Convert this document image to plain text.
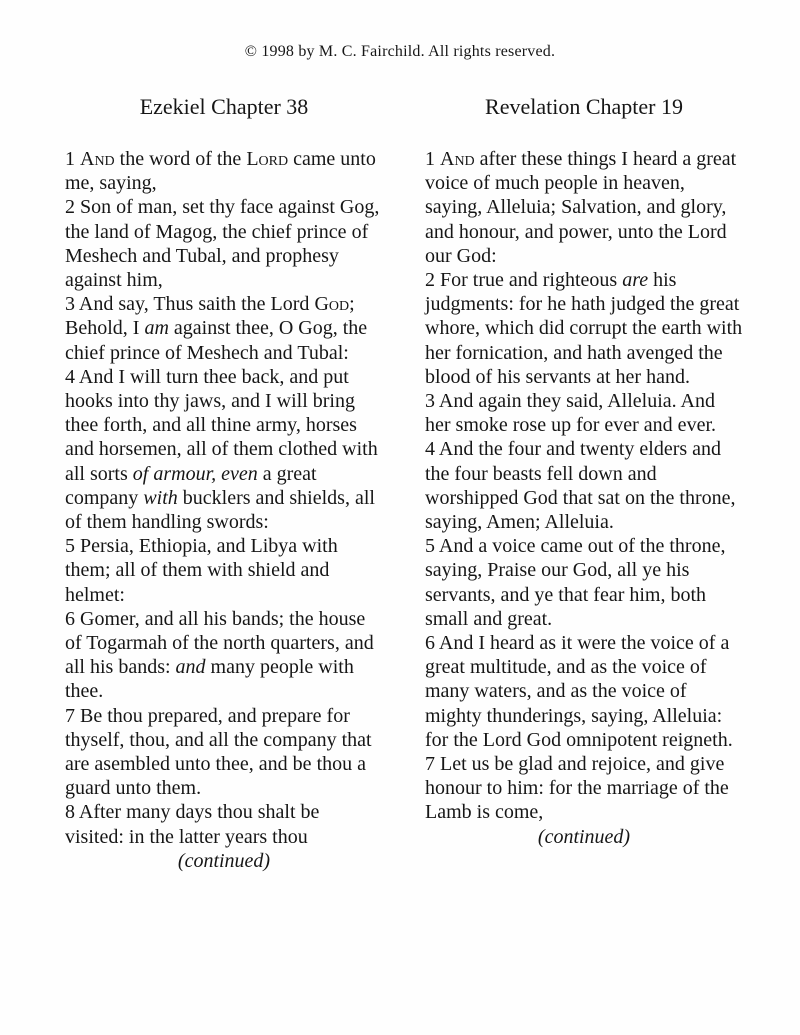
© 1998 by M. C. Fairchild. All rights reserved.
Ezekiel Chapter 38

1 And the word of the Lord came unto me, saying,

2 Son of man, set thy face against Gog, the land of Magog, the chief prince of Meshech and Tubal, and prophesy against him,

3 And say, Thus saith the Lord God; Behold, I am against thee, O Gog, the chief prince of Meshech and Tubal:

4 And I will turn thee back, and put hooks into thy jaws, and I will bring thee forth, and all thine army, horses and horsemen, all of them clothed with all sorts of armour, even a great company with bucklers and shields, all of them handling swords:

5 Persia, Ethiopia, and Libya with them; all of them with shield and helmet:

6 Gomer, and all his bands; the house of Togarmah of the north quarters, and all his bands: and many people with thee.

7 Be thou prepared, and prepare for thyself, thou, and all the company that are asembled unto thee, and be thou a guard unto them.

8 After many days thou shalt be visited: in the latter years thou

(continued)
Revelation Chapter 19

1 And after these things I heard a great voice of much people in heaven, saying, Alleluia; Salvation, and glory, and honour, and power, unto the Lord our God:

2 For true and righteous are his judgments: for he hath judged the great whore, which did corrupt the earth with her fornication, and hath avenged the blood of his servants at her hand.

3 And again they said, Alleluia. And her smoke rose up for ever and ever.

4 And the four and twenty elders and the four beasts fell down and worshipped God that sat on the throne, saying, Amen; Alleluia.

5 And a voice came out of the throne, saying, Praise our God, all ye his servants, and ye that fear him, both small and great.

6 And I heard as it were the voice of a great multitude, and as the voice of many waters, and as the voice of mighty thunderings, saying, Alleluia: for the Lord God omnipotent reigneth.

7 Let us be glad and rejoice, and give honour to him: for the marriage of the Lamb is come,

(continued)
